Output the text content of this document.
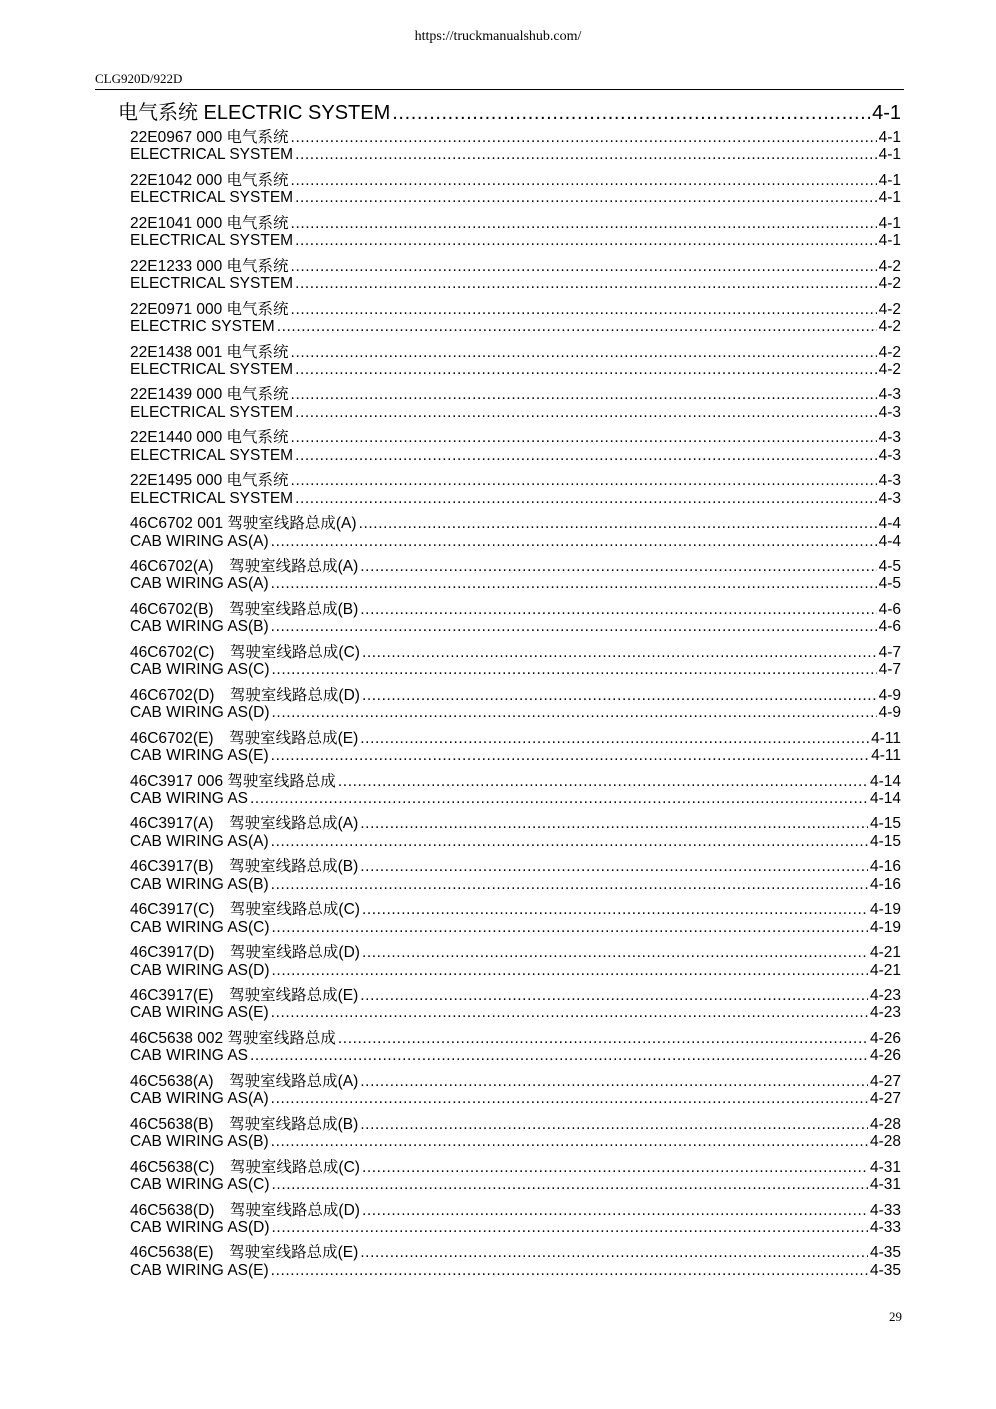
https://truckmanualshub.com/
CLG920D/922D
电气系统 ELECTRIC SYSTEM .....	4-1
22E0967 000 电气系统 .....	4-1
ELECTRICAL SYSTEM .....	4-1
22E1042 000 电气系统 .....	4-1
ELECTRICAL SYSTEM .....	4-1
22E1041 000 电气系统 .....	4-1
ELECTRICAL SYSTEM .....	4-1
22E1233 000 电气系统 .....	4-2
ELECTRICAL SYSTEM .....	4-2
22E0971 000 电气系统 .....	4-2
ELECTRIC SYSTEM .....	4-2
22E1438 001 电气系统 .....	4-2
ELECTRICAL SYSTEM .....	4-2
22E1439 000 电气系统 .....	4-3
ELECTRICAL SYSTEM .....	4-3
22E1440 000 电气系统 .....	4-3
ELECTRICAL SYSTEM .....	4-3
22E1495 000 电气系统 .....	4-3
ELECTRICAL SYSTEM .....	4-3
46C6702 001 驾驶室线路总成(A) .....	4-4
CAB WIRING AS(A) .....	4-4
46C6702(A)　驾驶室线路总成(A) .....	4-5
CAB WIRING AS(A) .....	4-5
46C6702(B)　驾驶室线路总成(B) .....	4-6
CAB WIRING AS(B) .....	4-6
46C6702(C)　驾驶室线路总成(C) .....	4-7
CAB WIRING AS(C) .....	4-7
46C6702(D)　驾驶室线路总成(D) .....	4-9
CAB WIRING AS(D) .....	4-9
46C6702(E)　驾驶室线路总成(E) .....	4-11
CAB WIRING AS(E) .....	4-11
46C3917 006 驾驶室线路总成 .....	4-14
CAB WIRING AS .....	4-14
46C3917(A)　驾驶室线路总成(A) .....	4-15
CAB WIRING AS(A) .....	4-15
46C3917(B)　驾驶室线路总成(B) .....	4-16
CAB WIRING AS(B) .....	4-16
46C3917(C)　驾驶室线路总成(C) .....	4-19
CAB WIRING AS(C) .....	4-19
46C3917(D)　驾驶室线路总成(D) .....	4-21
CAB WIRING AS(D) .....	4-21
46C3917(E)　驾驶室线路总成(E) .....	4-23
CAB WIRING AS(E) .....	4-23
46C5638 002 驾驶室线路总成 .....	4-26
CAB WIRING AS .....	4-26
46C5638(A)　驾驶室线路总成(A) .....	4-27
CAB WIRING AS(A) .....	4-27
46C5638(B)　驾驶室线路总成(B) .....	4-28
CAB WIRING AS(B) .....	4-28
46C5638(C)　驾驶室线路总成(C) .....	4-31
CAB WIRING AS(C) .....	4-31
46C5638(D)　驾驶室线路总成(D) .....	4-33
CAB WIRING AS(D) .....	4-33
46C5638(E)　驾驶室线路总成(E) .....	4-35
CAB WIRING AS(E) .....	4-35
29
